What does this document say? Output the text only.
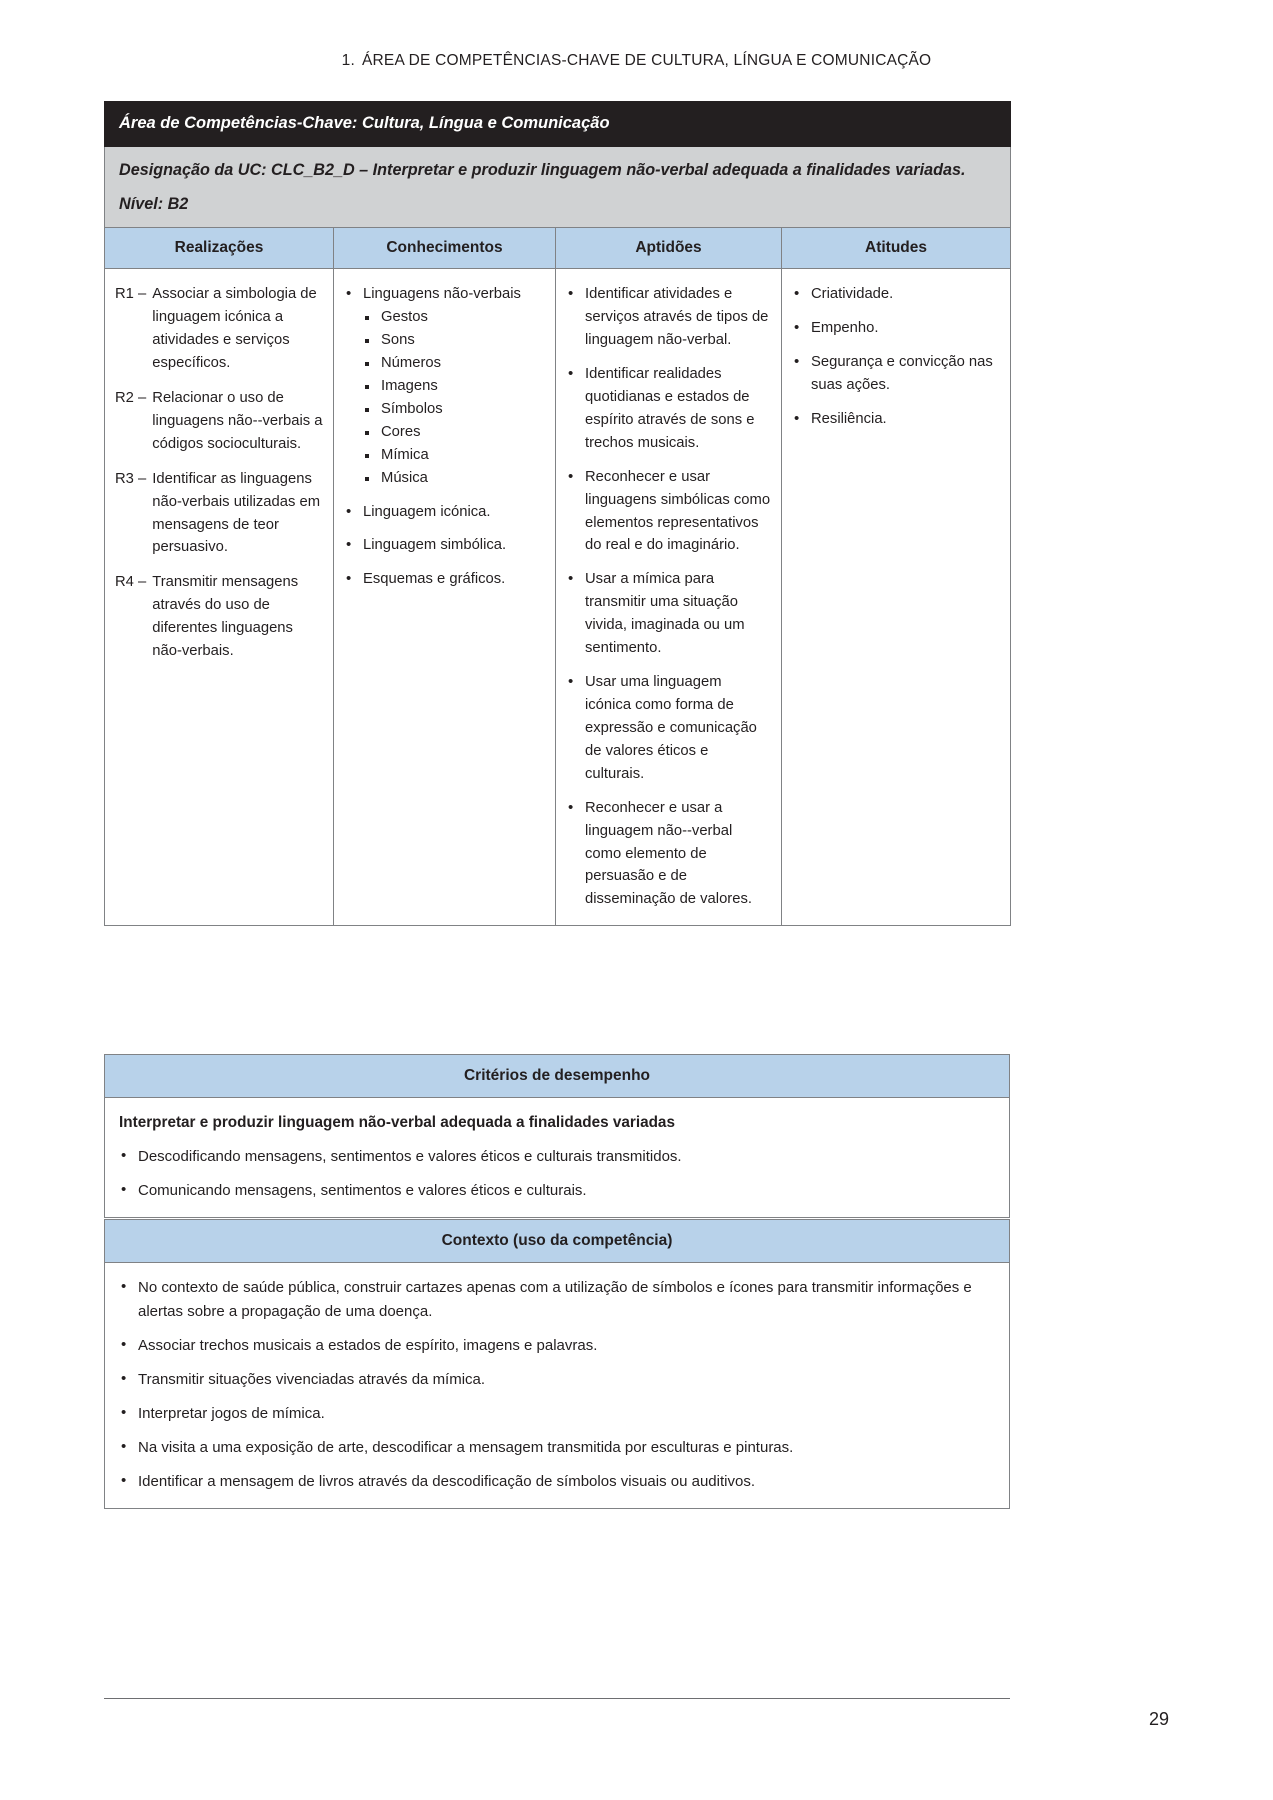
1. ÁREA DE COMPETÊNCIAS-CHAVE DE CULTURA, LÍNGUA E COMUNICAÇÃO
Área de Competências-Chave: Cultura, Língua e Comunicação			
Designação da UC: CLC_B2_D – Interpretar e produzir linguagem não-verbal adequada a finalidades variadas.
Nível: B2			

Realizações	Conhecimentos	Aptidões	Atitudes

R1 – Associar a simbologia de linguagem icónica a atividades e serviços específicos.
R2 – Relacionar o uso de linguagens não--verbais a códigos socioculturais.
R3 – Identificar as linguagens não-verbais utilizadas em mensagens de teor persuasivo.
R4 – Transmitir mensagens através do uso de diferentes linguagens não-verbais.

• Linguagens não-verbais
Gestos
Sons
Números
Imagens
Símbolos
Cores
Mímica
Música
• Linguagem icónica.
• Linguagem simbólica.
• Esquemas e gráficos.

• Identificar atividades e serviços através de tipos de linguagem não-verbal.
• Identificar realidades quotidianas e estados de espírito através de sons e trechos musicais.
• Reconhecer e usar linguagens simbólicas como elementos representativos do real e do imaginário.
• Usar a mímica para transmitir uma situação vivida, imaginada ou um sentimento.
• Usar uma linguagem icónica como forma de expressão e comunicação de valores éticos e culturais.
• Reconhecer e usar a linguagem não--verbal como elemento de persuasão e de disseminação de valores.

• Criatividade.
• Empenho.
• Segurança e convicção nas suas ações.
• Resiliência.
Critérios de desempenho

Interpretar e produzir linguagem não-verbal adequada a finalidades variadas

• Descodificando mensagens, sentimentos e valores éticos e culturais transmitidos.
• Comunicando mensagens, sentimentos e valores éticos e culturais.
Contexto (uso da competência)
• No contexto de saúde pública, construir cartazes apenas com a utilização de símbolos e ícones para transmitir informações e alertas sobre a propagação de uma doença.
• Associar trechos musicais a estados de espírito, imagens e palavras.
• Transmitir situações vivenciadas através da mímica.
• Interpretar jogos de mímica.
• Na visita a uma exposição de arte, descodificar a mensagem transmitida por esculturas e pinturas.
• Identificar a mensagem de livros através da descodificação de símbolos visuais ou auditivos.
29
